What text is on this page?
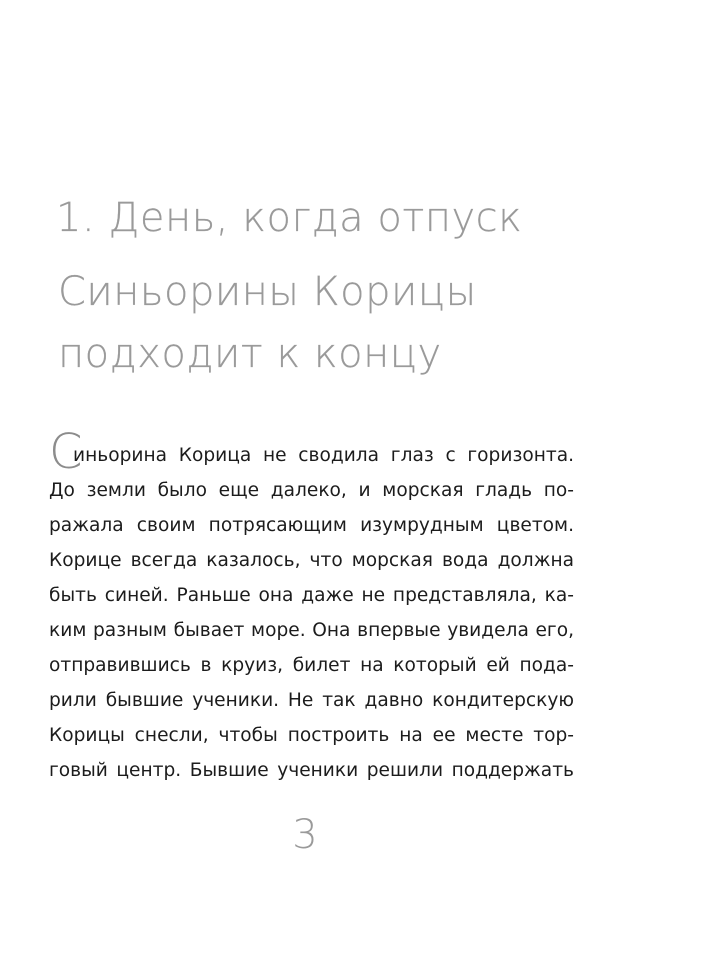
1. День, когда отпуск
Синьорины Корицы
подходит к концу
С
иньорина Корица не сводила глаз с горизонта.
До земли было еще далеко, и морская гладь по-
ражала своим потрясающим изумрудным цветом.
Корице всегда казалось, что морская вода должна
быть синей. Раньше она даже не представляла, ка-
ким разным бывает море. Она впервые увидела его,
отправившись в круиз, билет на который ей пода-
рили бывшие ученики. Не так давно кондитерскую
Корицы снесли, чтобы построить на ее месте тор-
говый центр. Бывшие ученики решили поддержать
3
